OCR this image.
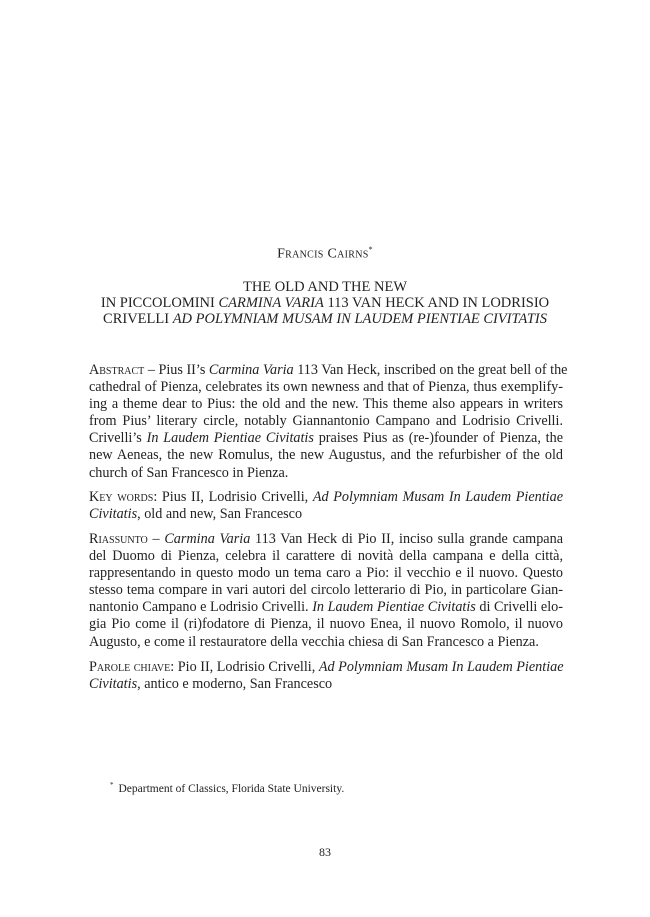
Francis Cairns*
THE OLD AND THE NEW
IN PICCOLOMINI CARMINA VARIA 113 VAN HECK AND IN LODRISIO
CRIVELLI AD POLYMNIAM MUSAM IN LAUDEM PIENTIAE CIVITATIS
Abstract – Pius II’s Carmina Varia 113 Van Heck, inscribed on the great bell of the
cathedral of Pienza, celebrates its own newness and that of Pienza, thus exemplify-
ing a theme dear to Pius: the old and the new. This theme also appears in writers
from Pius’ literary circle, notably Giannantonio Campano and Lodrisio Crivelli.
Crivelli’s In Laudem Pientiae Civitatis praises Pius as (re-)founder of Pienza, the
new Aeneas, the new Romulus, the new Augustus, and the refurbisher of the old
church of San Francesco in Pienza.
Key words: Pius II, Lodrisio Crivelli, Ad Polymniam Musam In Laudem Pientiae
Civitatis, old and new, San Francesco
Riassunto – Carmina Varia 113 Van Heck di Pio II, inciso sulla grande campana
del Duomo di Pienza, celebra il carattere di novità della campana e della città,
rappresentando in questo modo un tema caro a Pio: il vecchio e il nuovo. Questo
stesso tema compare in vari autori del circolo letterario di Pio, in particolare Gian-
nantonio Campano e Lodrisio Crivelli. In Laudem Pientiae Civitatis di Crivelli elo-
gia Pio come il (ri)fodatore di Pienza, il nuovo Enea, il nuovo Romolo, il nuovo
Augusto, e come il restauratore della vecchia chiesa di San Francesco a Pienza.
Parole chiave: Pio II, Lodrisio Crivelli, Ad Polymniam Musam In Laudem Pientiae
Civitatis, antico e moderno, San Francesco
* Department of Classics, Florida State University.
83
